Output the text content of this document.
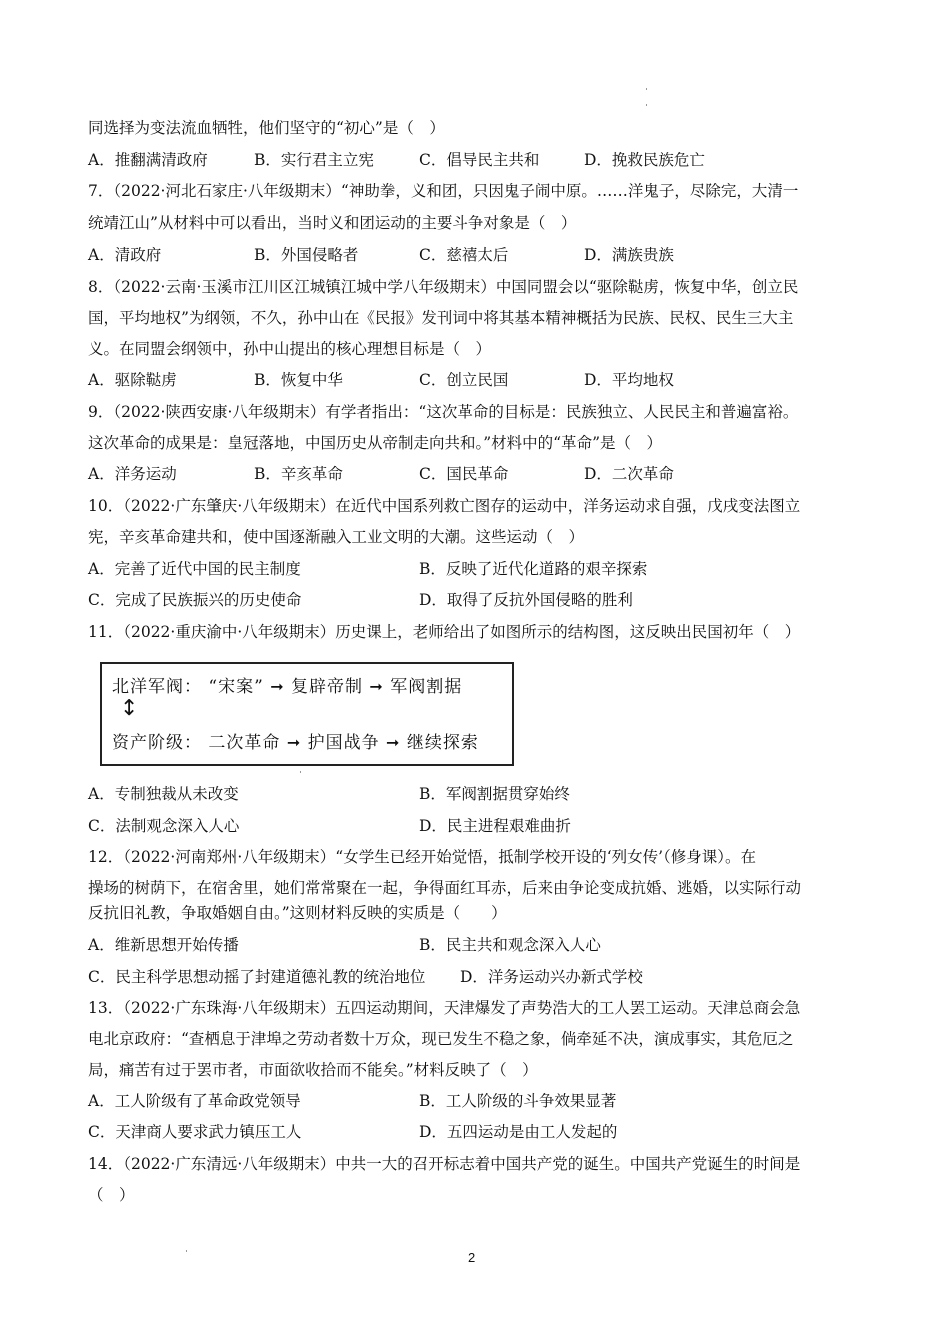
同选择为变法流血牺牲，他们坚守的“初心”是（　）
A．推翻满清政府	B．实行君主立宪	C．倡导民主共和	D．挽救民族危亡
7．（2022·河北石家庄·八年级期末）“神助拳，义和团，只因鬼子闹中原。……洋鬼子，尽除完，大清一
统靖江山”从材料中可以看出，当时义和团运动的主要斗争对象是（　）
A．清政府	B．外国侵略者	C．慈禧太后	D．满族贵族
8．（2022·云南·玉溪市江川区江城镇江城中学八年级期末）中国同盟会以“驱除鞑虏，恢复中华，创立民
国，平均地权”为纲领，不久，孙中山在《民报》发刊词中将其基本精神概括为民族、民权、民生三大主
义。在同盟会纲领中，孙中山提出的核心理想目标是（　）
A．驱除鞑虏	B．恢复中华	C．创立民国	D．平均地权
9．（2022·陕西安康·八年级期末）有学者指出：“这次革命的目标是：民族独立、人民民主和普遍富裕。
这次革命的成果是：皇冠落地，中国历史从帝制走向共和。”材料中的“革命”是（　）
A．洋务运动	B．辛亥革命	C．国民革命	D．二次革命
10．（2022·广东肇庆·八年级期末）在近代中国系列救亡图存的运动中，洋务运动求自强，戊戌变法图立
宪，辛亥革命建共和，使中国逐渐融入工业文明的大潮。这些运动（　）
A．完善了近代中国的民主制度	B．反映了近代化道路的艰辛探索
C．完成了民族振兴的历史使命	D．取得了反抗外国侵略的胜利
11．（2022·重庆渝中·八年级期末）历史课上，老师给出了如图所示的结构图，这反映出民国初年（　）
北洋军阀： “宋案” ➞ 复辟帝制 ➞ 军阀割据
↕
资产阶级： 二次革命 ➞ 护国战争 ➞ 继续探索
A．专制独裁从未改变	B．军阀割据贯穿始终
C．法制观念深入人心	D．民主进程艰难曲折
12．（2022·河南郑州·八年级期末）“女学生已经开始觉悟，抵制学校开设的‘列女传’（修身课）。在
操场的树荫下，在宿舍里，她们常常聚在一起，争得面红耳赤，后来由争论变成抗婚、逃婚，以实际行动
反抗旧礼教，争取婚姻自由。”这则材料反映的实质是（　　）
A．维新思想开始传播	B．民主共和观念深入人心
C．民主科学思想动摇了封建道德礼教的统治地位 D．洋务运动兴办新式学校
13．（2022·广东珠海·八年级期末）五四运动期间，天津爆发了声势浩大的工人罢工运动。天津总商会急
电北京政府：“查栖息于津埠之劳动者数十万众，现已发生不稳之象，倘牵延不决，演成事实，其危厄之
局，痛苦有过于罢市者，市面欲收拾而不能矣。”材料反映了（　）
A．工人阶级有了革命政党领导	B．工人阶级的斗争效果显著
C．天津商人要求武力镇压工人	D．五四运动是由工人发起的
14．（2022·广东清远·八年级期末）中共一大的召开标志着中国共产党的诞生。中国共产党诞生的时间是
（　）
2
